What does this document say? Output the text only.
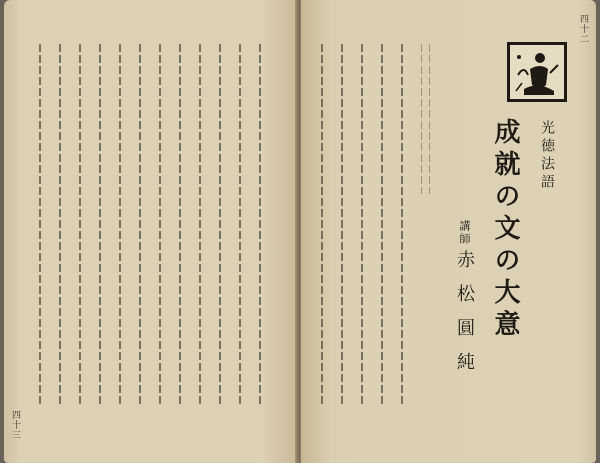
四十三
四十二
光徳法語
成就の文の大意
講師
赤松圓純
